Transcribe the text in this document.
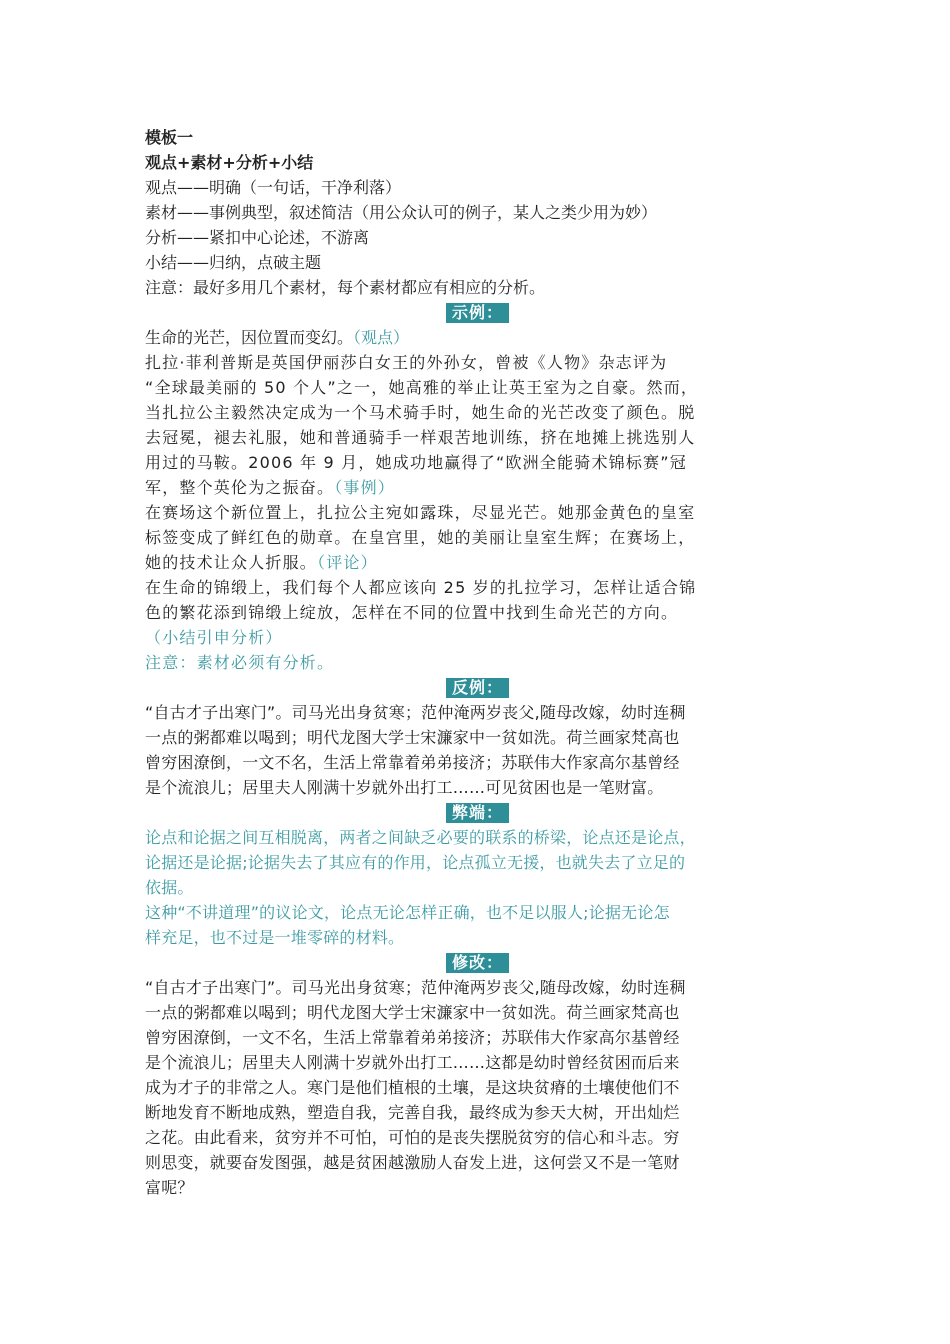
模板一
观点+素材+分析+小结
观点——明确（一句话，干净利落）
素材——事例典型，叙述简洁（用公众认可的例子，某人之类少用为妙）
分析——紧扣中心论述，不游离
小结——归纳，点破主题
注意：最好多用几个素材，每个素材都应有相应的分析。
示例：
生命的光芒，因位置而变幻。（观点）
扎拉·菲利普斯是英国伊丽莎白女王的外孙女，曾被《人物》杂志评为
“全球最美丽的 50 个人”之一，她高雅的举止让英王室为之自豪。然而，
当扎拉公主毅然决定成为一个马术骑手时，她生命的光芒改变了颜色。脱
去冠冕，褪去礼服，她和普通骑手一样艰苦地训练，挤在地摊上挑选别人
用过的马鞍。2006 年 9 月，她成功地赢得了“欧洲全能骑术锦标赛”冠
军，整个英伦为之振奋。（事例）
在赛场这个新位置上，扎拉公主宛如露珠，尽显光芒。她那金黄色的皇室
标签变成了鲜红色的勋章。在皇宫里，她的美丽让皇室生辉；在赛场上，
她的技术让众人折服。（评论）
在生命的锦缎上，我们每个人都应该向 25 岁的扎拉学习，怎样让适合锦
色的繁花添到锦缎上绽放，怎样在不同的位置中找到生命光芒的方向。
（小结引申分析）
注意：素材必须有分析。
反例：
“自古才子出寒门”。司马光出身贫寒；范仲淹两岁丧父,随母改嫁，幼时连稠
一点的粥都难以喝到；明代龙图大学士宋濂家中一贫如洗。荷兰画家梵高也
曾穷困潦倒，一文不名，生活上常靠着弟弟接济；苏联伟大作家高尔基曾经
是个流浪儿；居里夫人刚满十岁就外出打工……可见贫困也是一笔财富。
弊端：
论点和论据之间互相脱离，两者之间缺乏必要的联系的桥梁，论点还是论点，
论据还是论据;论据失去了其应有的作用，论点孤立无援，也就失去了立足的
依据。
这种“不讲道理”的议论文，论点无论怎样正确，也不足以服人;论据无论怎
样充足，也不过是一堆零碎的材料。
修改：
“自古才子出寒门”。司马光出身贫寒；范仲淹两岁丧父,随母改嫁，幼时连稠
一点的粥都难以喝到；明代龙图大学士宋濂家中一贫如洗。荷兰画家梵高也
曾穷困潦倒，一文不名，生活上常靠着弟弟接济；苏联伟大作家高尔基曾经
是个流浪儿；居里夫人刚满十岁就外出打工……这都是幼时曾经贫困而后来
成为才子的非常之人。寒门是他们植根的土壤，是这块贫瘠的土壤使他们不
断地发育不断地成熟，塑造自我，完善自我，最终成为参天大树，开出灿烂
之花。由此看来，贫穷并不可怕，可怕的是丧失摆脱贫穷的信心和斗志。穷
则思变，就要奋发图强，越是贫困越激励人奋发上进，这何尝又不是一笔财
富呢？
